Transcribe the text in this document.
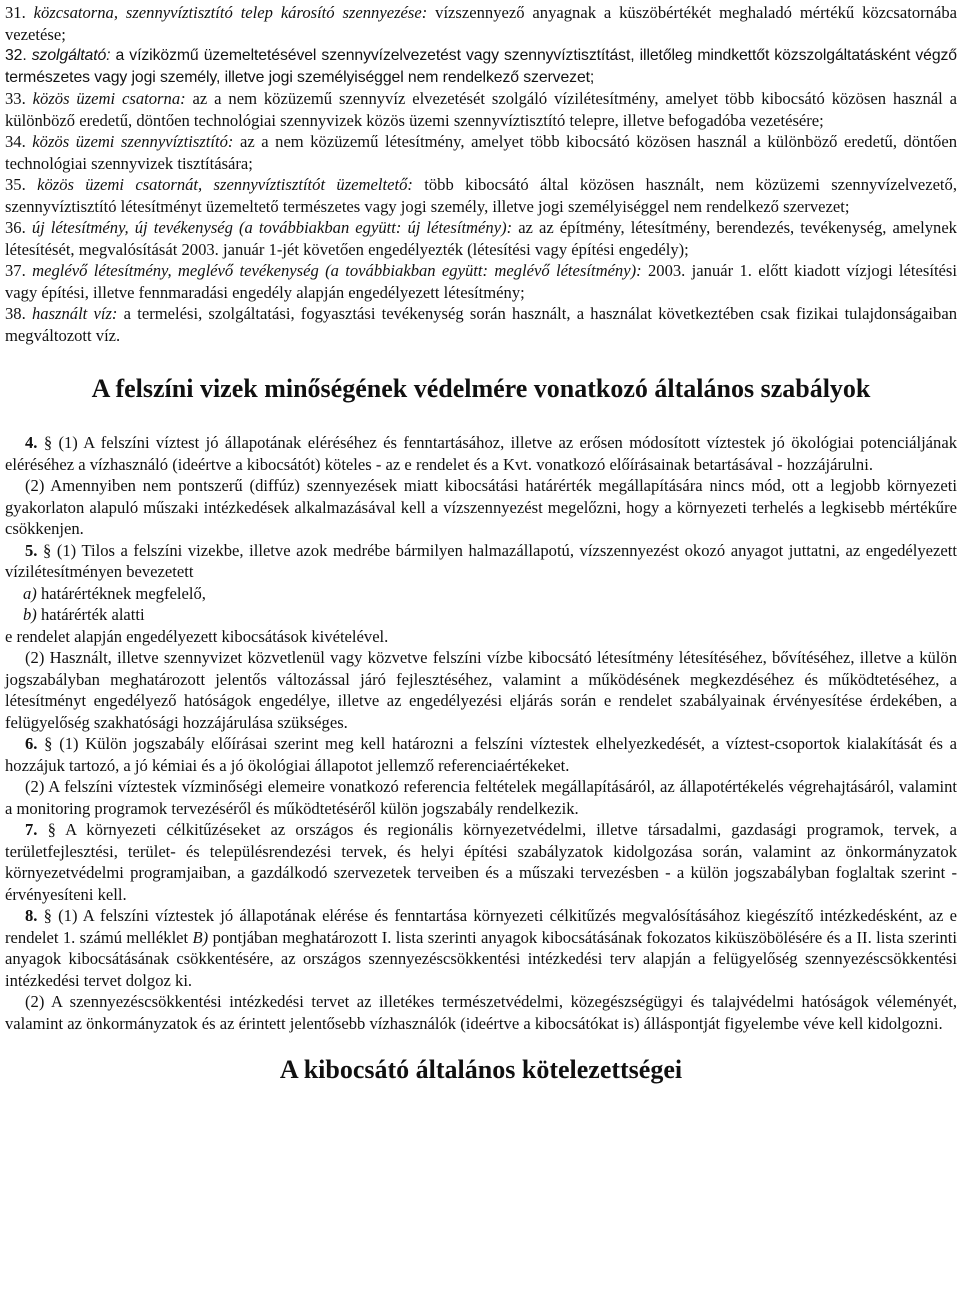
31. közcsatorna, szennyvíztisztító telep károsító szennyezése: vízszennyező anyagnak a küszöbértékét meghaladó mértékű közcsatornába vezetése;

32. szolgáltató: a víziközmű üzemeltetésével szennyvízelvezetést vagy szennyvíztisztítást, illetőleg mindkettőt közszolgáltatásként végző természetes vagy jogi személy, illetve jogi személyiséggel nem rendelkező szervezet;

33. közös üzemi csatorna: az a nem közüzemű szennyvíz elvezetését szolgáló vízilétesítmény, amelyet több kibocsátó közösen használ a különböző eredetű, döntően technológiai szennyvizek közös üzemi szennyvíztisztító telepre, illetve befogadóba vezetésére;

34. közös üzemi szennyvíztisztító: az a nem közüzemű létesítmény, amelyet több kibocsátó közösen használ a különböző eredetű, döntően technológiai szennyvizek tisztítására;

35. közös üzemi csatornát, szennyvíztisztítót üzemeltető: több kibocsátó által közösen használt, nem közüzemi szennyvízelvezető, szennyvíztisztító létesítményt üzemeltető természetes vagy jogi személy, illetve jogi személyiséggel nem rendelkező szervezet;

36. új létesítmény, új tevékenység (a továbbiakban együtt: új létesítmény): az az építmény, létesítmény, berendezés, tevékenység, amelynek létesítését, megvalósítását 2003. január 1-jét követően engedélyezték (létesítési vagy építési engedély);

37. meglévő létesítmény, meglévő tevékenység (a továbbiakban együtt: meglévő létesítmény): 2003. január 1. előtt kiadott vízjogi létesítési vagy építési, illetve fennmaradási engedély alapján engedélyezett létesítmény;

38. használt víz: a termelési, szolgáltatási, fogyasztási tevékenység során használt, a használat következtében csak fizikai tulajdonságaiban megváltozott víz.

A felszíni vizek minőségének védelmére vonatkozó általános szabályok

4. § (1) A felszíni víztest jó állapotának eléréséhez és fenntartásához, illetve az erősen módosított víztestek jó ökológiai potenciáljának eléréséhez a vízhasználó (ideértve a kibocsátót) köteles - az e rendelet és a Kvt. vonatkozó előírásainak betartásával - hozzájárulni.

(2) Amennyiben nem pontszerű (diffúz) szennyezések miatt kibocsátási határérték megállapítására nincs mód, ott a legjobb környezeti gyakorlaton alapuló műszaki intézkedések alkalmazásával kell a vízszennyezést megelőzni, hogy a környezeti terhelés a legkisebb mértékűre csökkenjen.

5. § (1) Tilos a felszíni vizekbe, illetve azok medrébe bármilyen halmazállapotú, vízszennyezést okozó anyagot juttatni, az engedélyezett vízilétesítményen bevezetett

a) határértéknek megfelelő,

b) határérték alatti

e rendelet alapján engedélyezett kibocsátások kivételével.

(2) Használt, illetve szennyvizet közvetlenül vagy közvetve felszíni vízbe kibocsátó létesítmény létesítéséhez, bővítéséhez, illetve a külön jogszabályban meghatározott jelentős változással járó fejlesztéséhez, valamint a működésének megkezdéséhez és működtetéséhez, a létesítményt engedélyező hatóságok engedélye, illetve az engedélyezési eljárás során e rendelet szabályainak érvényesítése érdekében, a felügyelőség szakhatósági hozzájárulása szükséges.

6. § (1) Külön jogszabály előírásai szerint meg kell határozni a felszíni víztestek elhelyezkedését, a víztest-csoportok kialakítását és a hozzájuk tartozó, a jó kémiai és a jó ökológiai állapotot jellemző referenciaértékeket.

(2) A felszíni víztestek vízminőségi elemeire vonatkozó referencia feltételek megállapításáról, az állapotértékelés végrehajtásáról, valamint a monitoring programok tervezéséről és működtetéséről külön jogszabály rendelkezik.

7. § A környezeti célkitűzéseket az országos és regionális környezetvédelmi, illetve társadalmi, gazdasági programok, tervek, a területfejlesztési, terület- és településrendezési tervek, és helyi építési szabályzatok kidolgozása során, valamint az önkormányzatok környezetvédelmi programjaiban, a gazdálkodó szervezetek terveiben és a műszaki tervezésben - a külön jogszabályban foglaltak szerint - érvényesíteni kell.

8. § (1) A felszíni víztestek jó állapotának elérése és fenntartása környezeti célkitűzés megvalósításához kiegészítő intézkedésként, az e rendelet 1. számú melléklet B) pontjában meghatározott I. lista szerinti anyagok kibocsátásának fokozatos kiküszöbölésére és a II. lista szerinti anyagok kibocsátásának csökkentésére, az országos szennyezéscsökkentési intézkedési terv alapján a felügyelőség szennyezéscsökkentési intézkedési tervet dolgoz ki.

(2) A szennyezéscsökkentési intézkedési tervet az illetékes természetvédelmi, közegészségügyi és talajvédelmi hatóságok véleményét, valamint az önkormányzatok és az érintett jelentősebb vízhasználók (ideértve a kibocsátókat is) álláspontját figyelembe véve kell kidolgozni.

A kibocsátó általános kötelezettségei
